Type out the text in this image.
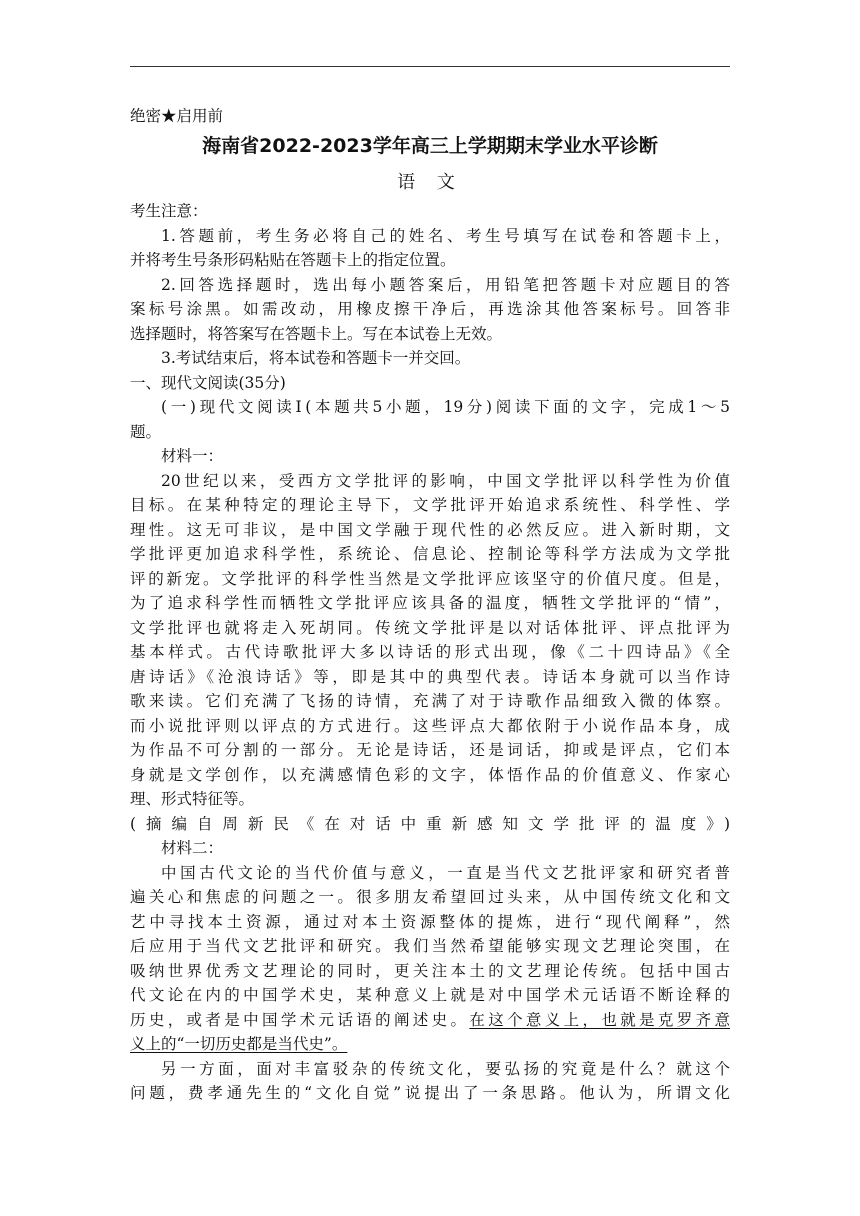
绝密★启用前
海南省2022-2023学年高三上学期期末学业水平诊断
语 文
考生注意：
1.答题前，考生务必将自己的姓名、考生号填写在试卷和答题卡上，
并将考生号条形码粘贴在答题卡上的指定位置。
2.回答选择题时，选出每小题答案后，用铅笔把答题卡对应题目的答
案标号涂黑。如需改动，用橡皮擦干净后，再选涂其他答案标号。回答非
选择题时，将答案写在答题卡上。写在本试卷上无效。
3.考试结束后，将本试卷和答题卡一并交回。
一、现代文阅读(35分)
(一)现代文阅读Ⅰ(本题共5小题，19分)阅读下面的文字，完成1～5
题。
材料一：
20世纪以来，受西方文学批评的影响，中国文学批评以科学性为价值
目标。在某种特定的理论主导下，文学批评开始追求系统性、科学性、学
理性。这无可非议，是中国文学融于现代性的必然反应。进入新时期，文
学批评更加追求科学性，系统论、信息论、控制论等科学方法成为文学批
评的新宠。文学批评的科学性当然是文学批评应该坚守的价值尺度。但是，
为了追求科学性而牺牲文学批评应该具备的温度，牺牲文学批评的“情”，
文学批评也就将走入死胡同。传统文学批评是以对话体批评、评点批评为
基本样式。古代诗歌批评大多以诗话的形式出现，像《二十四诗品》《全
唐诗话》《沧浪诗话》等，即是其中的典型代表。诗话本身就可以当作诗
歌来读。它们充满了飞扬的诗情，充满了对于诗歌作品细致入微的体察。
而小说批评则以评点的方式进行。这些评点大都依附于小说作品本身，成
为作品不可分割的一部分。无论是诗话，还是词话，抑或是评点，它们本
身就是文学创作，以充满感情色彩的文字，体悟作品的价值意义、作家心
理、形式特征等。
(摘编自周新民《在对话中重新感知文学批评的温度》)
材料二：
中国古代文论的当代价值与意义，一直是当代文艺批评家和研究者普
遍关心和焦虑的问题之一。很多朋友希望回过头来，从中国传统文化和文
艺中寻找本土资源，通过对本土资源整体的提炼，进行“现代阐释”，然
后应用于当代文艺批评和研究。我们当然希望能够实现文艺理论突围，在
吸纳世界优秀文艺理论的同时，更关注本土的文艺理论传统。包括中国古
代文论在内的中国学术史，某种意义上就是对中国学术元话语不断诠释的
历史，或者是中国学术元话语的阐述史。在这个意义上，也就是克罗齐意
义上的“一切历史都是当代史”。
另一方面，面对丰富驳杂的传统文化，要弘扬的究竟是什么？就这个
问题，费孝通先生的“文化自觉”说提出了一条思路。他认为，所谓文化
